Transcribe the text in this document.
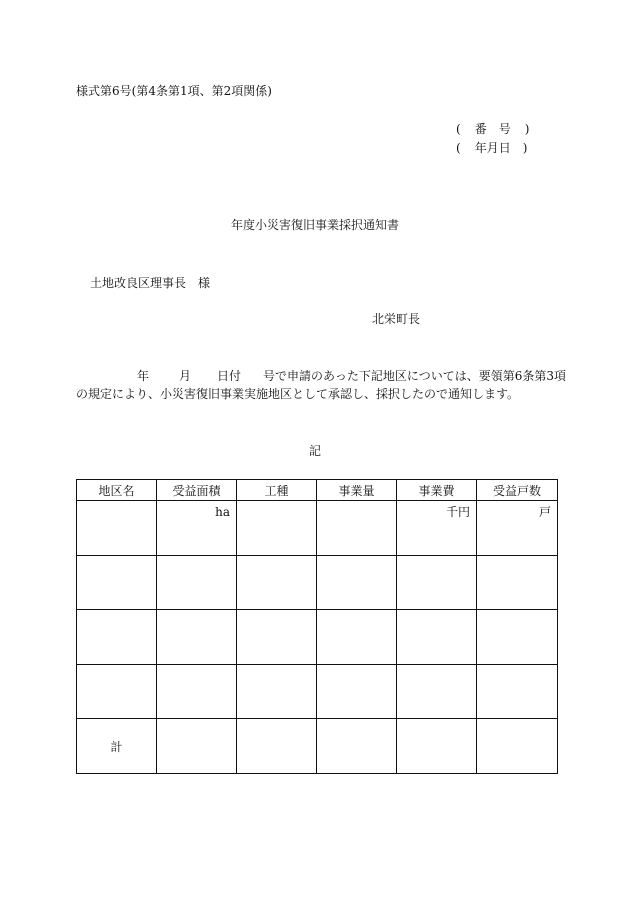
様式第6号(第4条第1項、第2項関係)
( 番　号 )
( 年月日 )
年度小災害復旧事業採択通知書
土地改良区理事長　様
北栄町長
年	月 日付 号で申請のあった下記地区については、要領第6条第3項
の規定により、小災害復旧事業実施地区として承認し、採択したので通知します。
記
地区名	受益面積	工種	事業量	事業費	受益戸数

	ha			千円	戸

計					
